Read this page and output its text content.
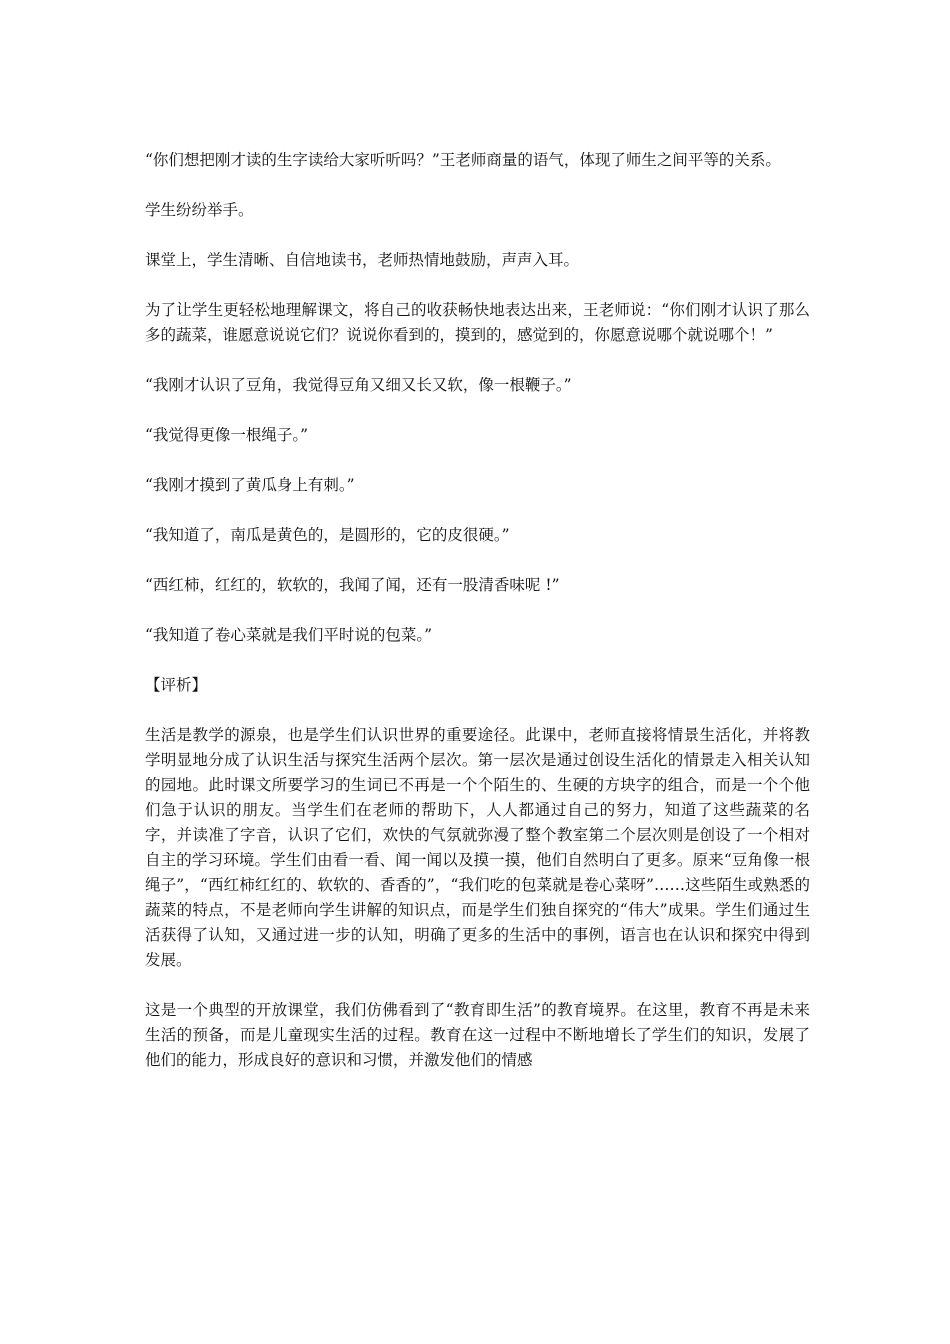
“你们想把刚才读的生字读给大家听听吗？”王老师商量的语气，体现了师生之间平等的关系。

学生纷纷举手。

课堂上，学生清晰、自信地读书，老师热情地鼓励，声声入耳。

为了让学生更轻松地理解课文，将自己的收获畅快地表达出来，王老师说：“你们刚才认识了那么多的蔬菜，谁愿意说说它们？说说你看到的，摸到的，感觉到的，你愿意说哪个就说哪个！”

“我刚才认识了豆角，我觉得豆角又细又长又软，像一根鞭子。”

“我觉得更像一根绳子。”

“我刚才摸到了黄瓜身上有刺。”

“我知道了，南瓜是黄色的，是圆形的，它的皮很硬。”

“西红柿，红红的，软软的，我闻了闻，还有一股清香味呢 !”

“我知道了卷心菜就是我们平时说的包菜。”

【评析】

生活是教学的源泉，也是学生们认识世界的重要途径。此课中，老师直接将情景生活化，并将教学明显地分成了认识生活与探究生活两个层次。第一层次是通过创设生活化的情景走入相关认知的园地。此时课文所要学习的生词已不再是一个个陌生的、生硬的方块字的组合，而是一个个他们急于认识的朋友。当学生们在老师的帮助下，人人都通过自己的努力，知道了这些蔬菜的名字，并读准了字音，认识了它们，欢快的气氛就弥漫了整个教室第二个层次则是创设了一个相对自主的学习环境。学生们由看一看、闻一闻以及摸一摸，他们自然明白了更多。原来“豆角像一根绳子”，“西红柿红红的、软软的、香香的”，“我们吃的包菜就是卷心菜呀”……这些陌生或熟悉的蔬菜的特点，不是老师向学生讲解的知识点，而是学生们独自探究的“伟大”成果。学生们通过生活获得了认知，又通过进一步的认知，明确了更多的生活中的事例，语言也在认识和探究中得到发展。

这是一个典型的开放课堂，我们仿佛看到了“教育即生活”的教育境界。在这里，教育不再是未来生活的预备，而是儿童现实生活的过程。教育在这一过程中不断地增长了学生们的知识，发展了他们的能力，形成良好的意识和习惯，并激发他们的情感
